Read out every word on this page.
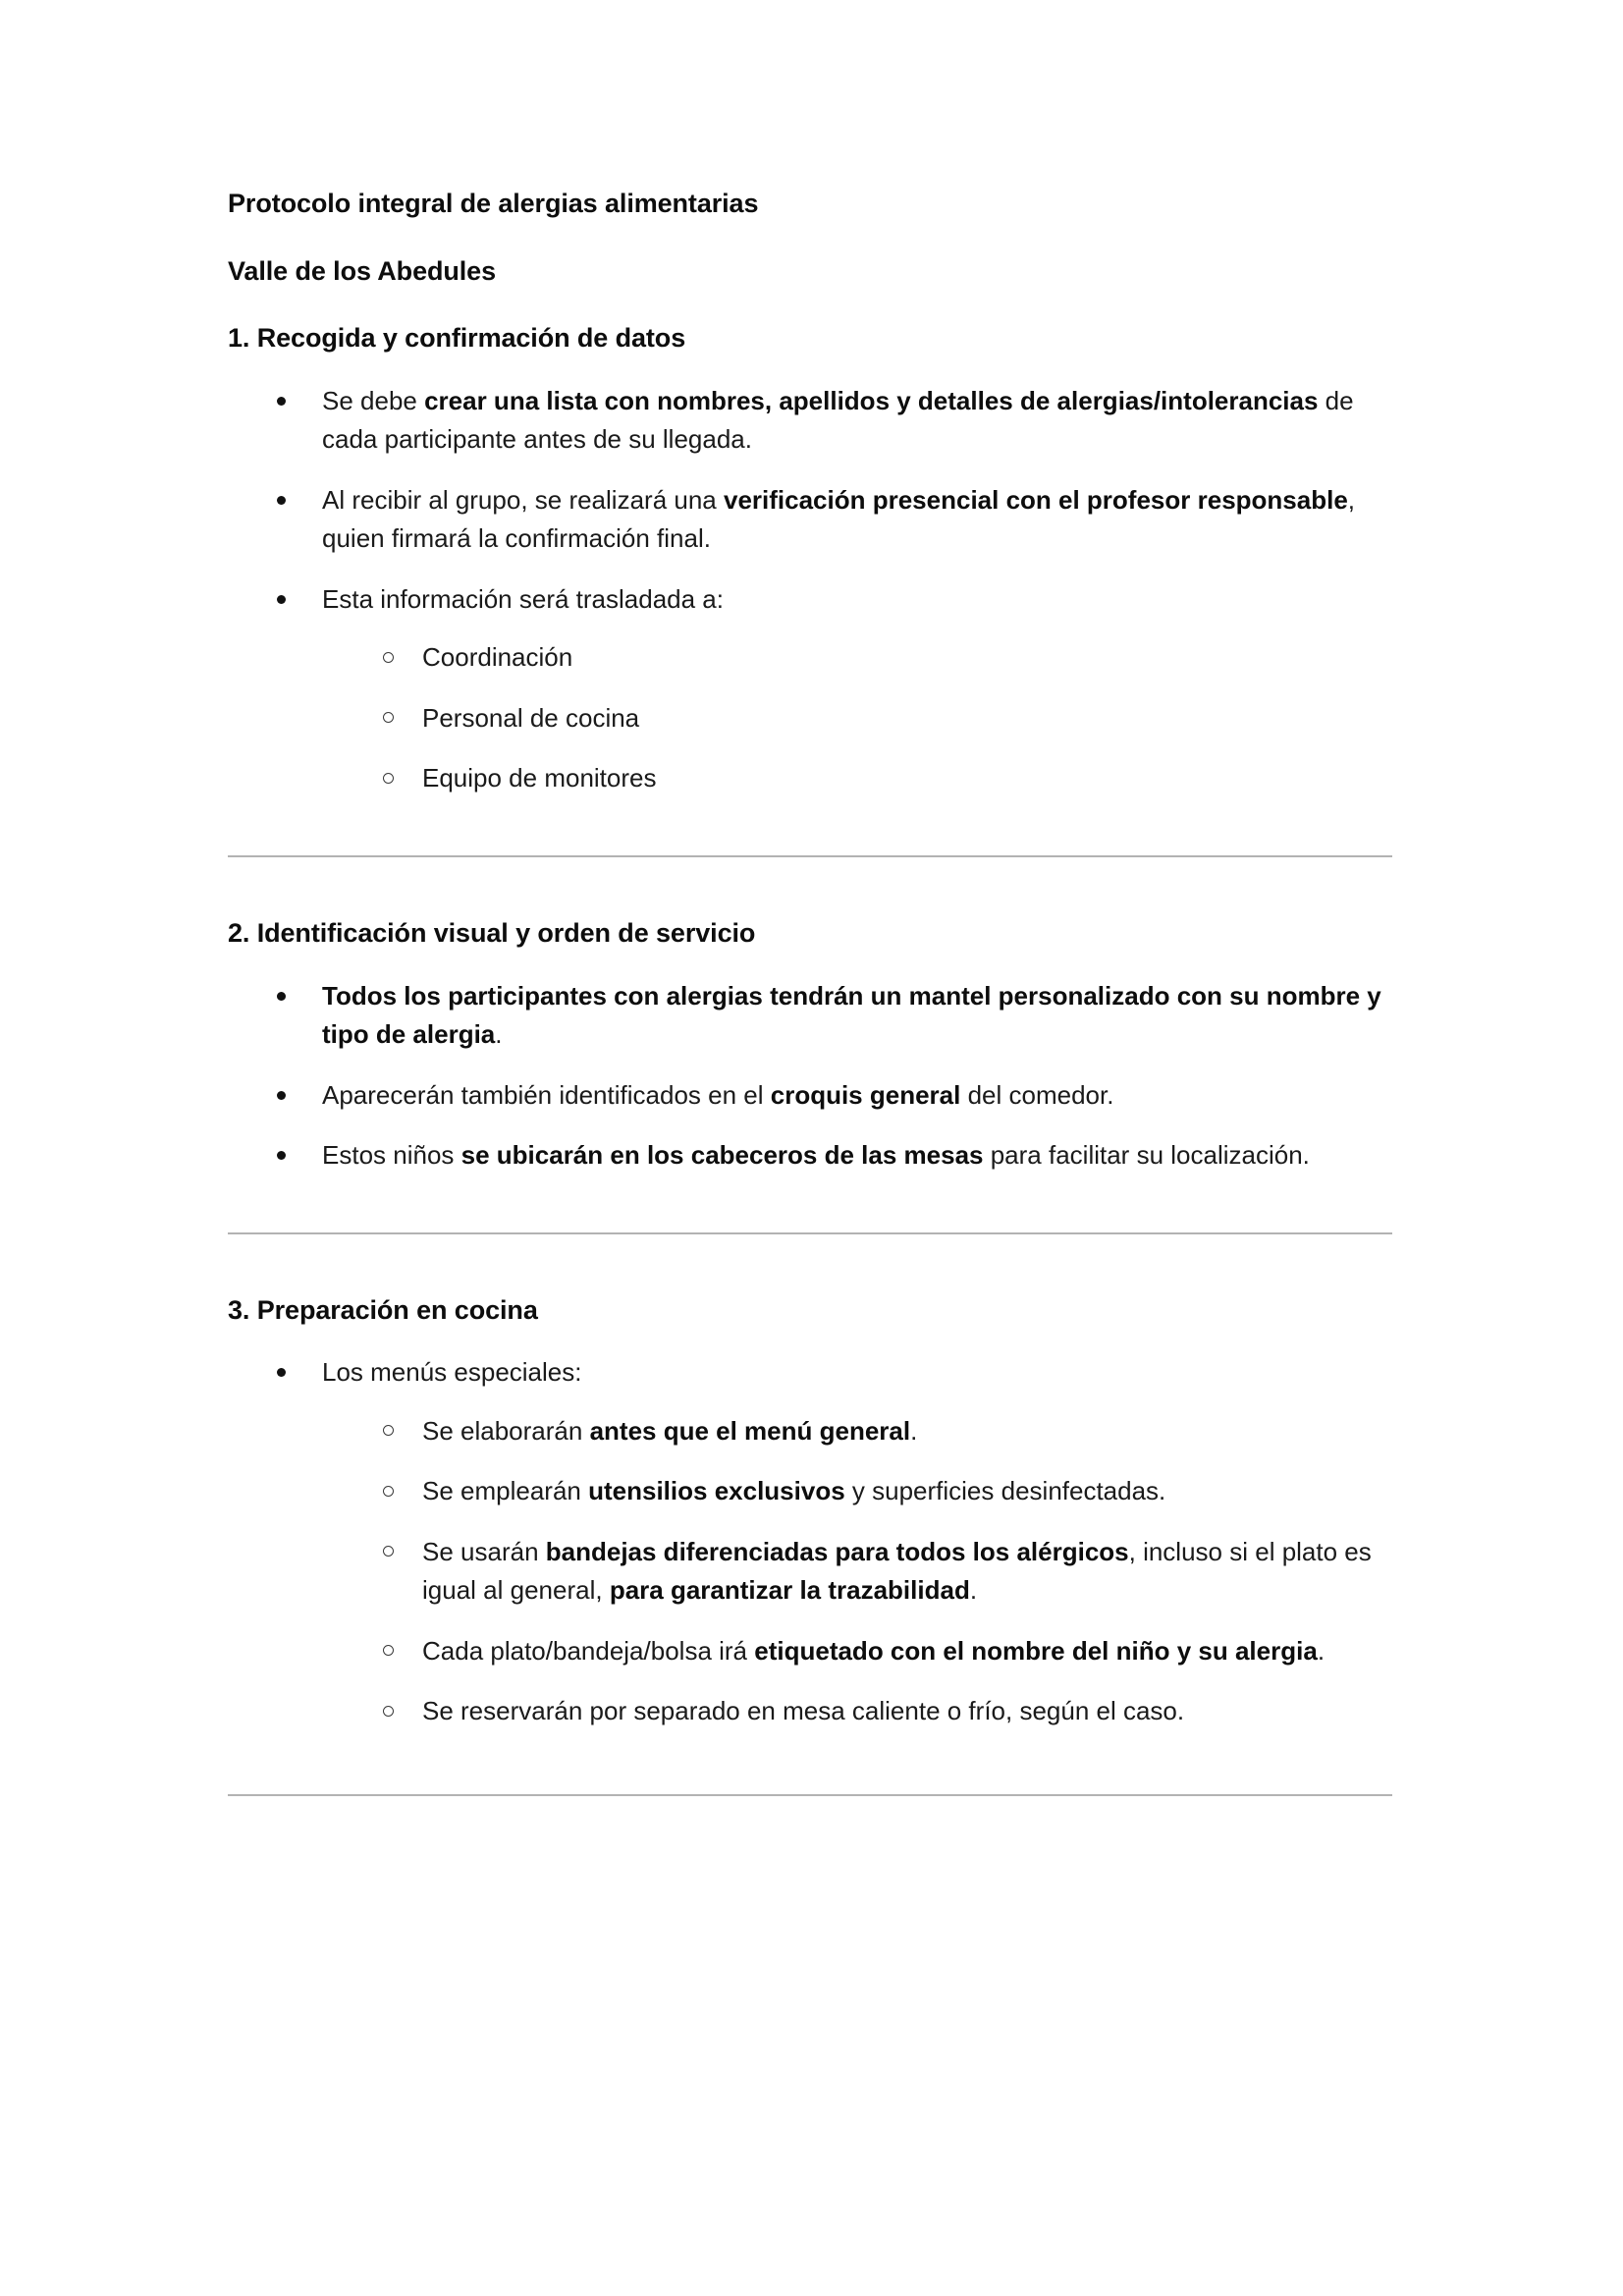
Protocolo integral de alergias alimentarias
Valle de los Abedules
1. Recogida y confirmación de datos
Se debe crear una lista con nombres, apellidos y detalles de alergias/intolerancias de cada participante antes de su llegada.
Al recibir al grupo, se realizará una verificación presencial con el profesor responsable, quien firmará la confirmación final.
Esta información será trasladada a:
Coordinación
Personal de cocina
Equipo de monitores
2. Identificación visual y orden de servicio
Todos los participantes con alergias tendrán un mantel personalizado con su nombre y tipo de alergia.
Aparecerán también identificados en el croquis general del comedor.
Estos niños se ubicarán en los cabeceros de las mesas para facilitar su localización.
3. Preparación en cocina
Los menús especiales:
Se elaborarán antes que el menú general.
Se emplearán utensilios exclusivos y superficies desinfectadas.
Se usarán bandejas diferenciadas para todos los alérgicos, incluso si el plato es igual al general, para garantizar la trazabilidad.
Cada plato/bandeja/bolsa irá etiquetado con el nombre del niño y su alergia.
Se reservarán por separado en mesa caliente o frío, según el caso.
